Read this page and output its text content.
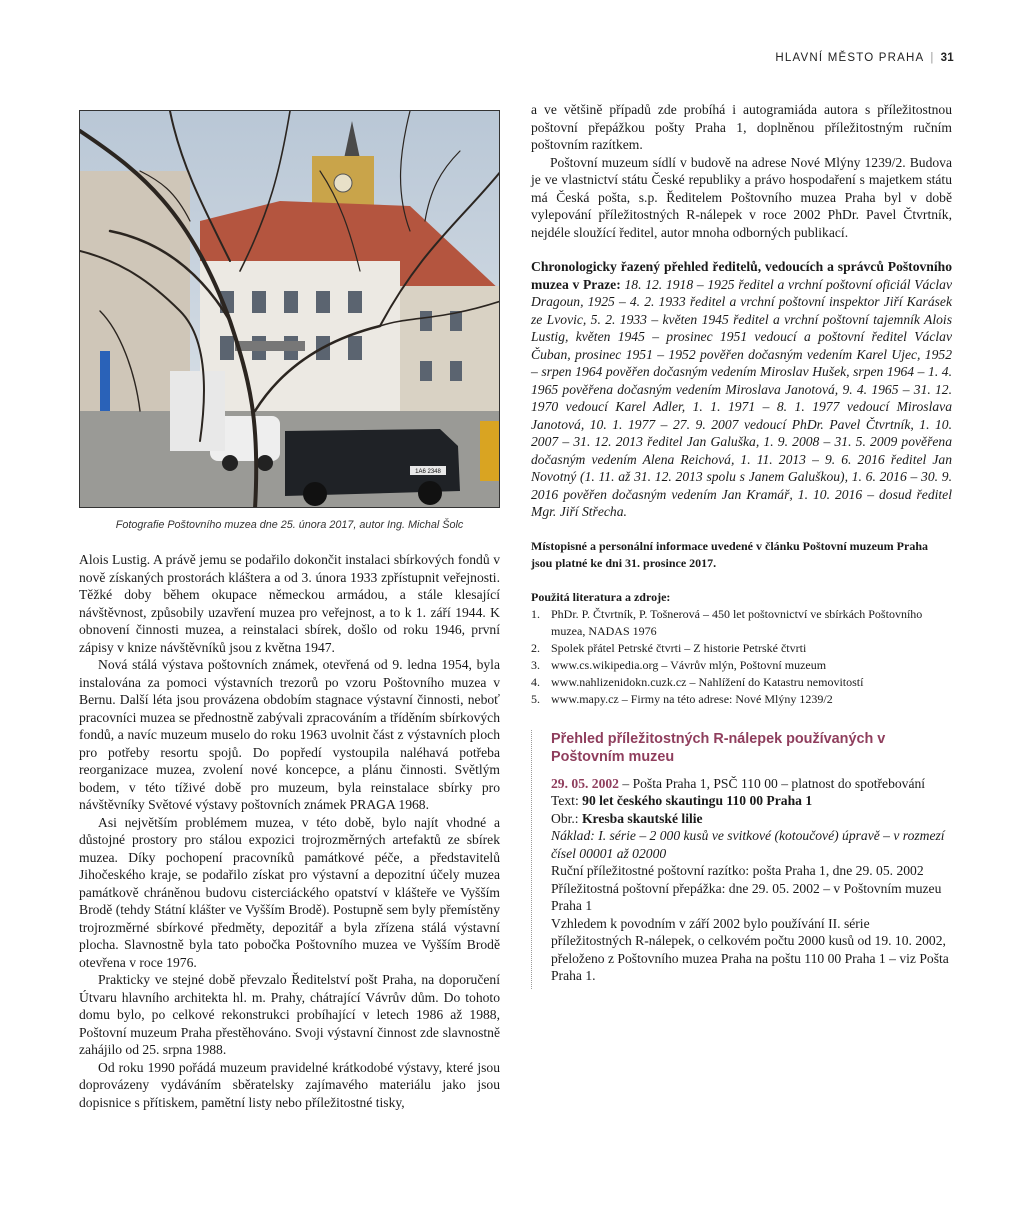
HLAVNÍ MĚSTO PRAHA | 31
1A6 2348
Fotografie Poštovního muzea dne 25. února 2017, autor Ing. Michal Šolc

Alois Lustig. A právě jemu se podařilo dokončit instalaci sbírkových fondů v nově získaných prostorách kláštera a od 3. února 1933 zpřístupnit veřejnosti. Těžké doby během okupace německou armádou, a stále klesající návštěvnost, způsobily uzavření muzea pro veřejnost, a to k 1. září 1944. K obnovení činnosti muzea, a reinstalaci sbírek, došlo od roku 1946, první zápisy v knize návštěvníků jsou z května 1947.

Nová stálá výstava poštovních známek, otevřená od 9. ledna 1954, byla instalována za pomoci výstavních trezorů po vzoru Poštovního muzea v Bernu. Další léta jsou provázena obdobím stagnace výstavní činnosti, neboť pracovníci muzea se přednostně zabývali zpracováním a tříděním sbírkových fondů, a navíc muzeum muselo do roku 1963 uvolnit část z výstavních ploch pro potřeby resortu spojů. Do popředí vystoupila naléhavá potřeba reorganizace muzea, zvolení nové koncepce, a plánu činnosti. Světlým bodem, v této tíživé době pro muzeum, byla reinstalace sbírky pro návštěvníky Světové výstavy poštovních známek PRAGA 1968.

Asi největším problémem muzea, v této době, bylo najít vhodné a důstojné prostory pro stálou expozici trojrozměrných artefaktů ze sbírek muzea. Díky pochopení pracovníků památkové péče, a představitelů Jihočeského kraje, se podařilo získat pro výstavní a depozitní účely muzea památkově chráněnou budovu cisterciáckého opatství v klášteře ve Vyšším Brodě (tehdy Státní klášter ve Vyšším Brodě). Postupně sem byly přemístěny trojrozměrné sbírkové předměty, depozitář a byla zřízena stálá výstavní plocha. Slavnostně byla tato pobočka Poštovního muzea ve Vyšším Brodě otevřena v roce 1976.

Prakticky ve stejné době převzalo Ředitelství pošt Praha, na doporučení Útvaru hlavního architekta hl. m. Prahy, chátrající Vávrův dům. Do tohoto domu bylo, po celkové rekonstrukci probíhající v letech 1986 až 1988, Poštovní muzeum Praha přestěhováno. Svoji výstavní činnost zde slavnostně zahájilo od 25. srpna 1988.

Od roku 1990 pořádá muzeum pravidelné krátkodobé výstavy, které jsou doprovázeny vydáváním sběratelsky zajímavého materiálu jako jsou dopisnice s přítiskem, pamětní listy nebo příležitostné tisky,

a ve většině případů zde probíhá i autogramiáda autora s příležitostnou poštovní přepážkou pošty Praha 1, doplněnou příležitostným ručním poštovním razítkem.

Poštovní muzeum sídlí v budově na adrese Nové Mlýny 1239/2. Budova je ve vlastnictví státu České republiky a právo hospodaření s majetkem státu má Česká pošta, s.p. Ředitelem Poštovního muzea Praha byl v době vylepování příležitostných R-nálepek v roce 2002 PhDr. Pavel Čtvrtník, nejdéle sloužící ředitel, autor mnoha odborných publikací.

Chronologicky řazený přehled ředitelů, vedoucích a správců Poštovního muzea v Praze: 18. 12. 1918 – 1925 ředitel a vrchní poštovní oficiál Václav Dragoun, 1925 – 4. 2. 1933 ředitel a vrchní poštovní inspektor Jiří Karásek ze Lvovic, 5. 2. 1933 – květen 1945 ředitel a vrchní poštovní tajemník Alois Lustig, květen 1945 – prosinec 1951 vedoucí a poštovní ředitel Václav Čuban, prosinec 1951 – 1952 pověřen dočasným vedením Karel Ujec, 1952 – srpen 1964 pověřen dočasným vedením Miroslav Hušek, srpen 1964 – 1. 4. 1965 pověřena dočasným vedením Miroslava Janotová, 9. 4. 1965 – 31. 12. 1970 vedoucí Karel Adler, 1. 1. 1971 – 8. 1. 1977 vedoucí Miroslava Janotová, 10. 1. 1977 – 27. 9. 2007 vedoucí PhDr. Pavel Čtvrtník, 1. 10. 2007 – 31. 12. 2013 ředitel Jan Galuška, 1. 9. 2008 – 31. 5. 2009 pověřena dočasným vedením Alena Reichová, 1. 11. 2013 – 9. 6. 2016 ředitel Jan Novotný (1. 11. až 31. 12. 2013 spolu s Janem Galuškou), 1. 6. 2016 – 30. 9. 2016 pověřen dočasným vedením Jan Kramář, 1. 10. 2016 – dosud ředitel Mgr. Jiří Střecha.

Místopisné a personální informace uvedené v článku Poštovní muzeum Praha jsou platné ke dni 31. prosince 2017.

Použitá literatura a zdroje:

1. PhDr. P. Čtvrtník, P. Tošnerová – 450 let poštovnictví ve sbírkách Poštovního muzea, NADAS 1976
2. Spolek přátel Petrské čtvrti – Z historie Petrské čtvrti
3. www.cs.wikipedia.org – Vávrův mlýn, Poštovní muzeum
4. www.nahlizenidokn.cuzk.cz – Nahlížení do Katastru nemovitostí
5. www.mapy.cz – Firmy na této adrese: Nové Mlýny 1239/2
Přehled příležitostných R-nálepek používaných v Poštovním muzeu

29. 05. 2002 – Pošta Praha 1, PSČ 110 00 – platnost do spotřebování

Text: 90 let českého skautingu 110 00 Praha 1

Obr.: Kresba skautské lilie

Náklad: I. série – 2 000 kusů ve svitkové (kotoučové) úpravě – v rozmezí čísel 00001 až 02000

Ruční příležitostné poštovní razítko: pošta Praha 1, dne 29. 05. 2002

Příležitostná poštovní přepážka: dne 29. 05. 2002 – v Poštovním muzeu Praha 1

Vzhledem k povodním v září 2002 bylo používání II. série příležitostných R-nálepek, o celkovém počtu 2000 kusů od 19. 10. 2002, přeloženo z Poštovního muzea Praha na poštu 110 00 Praha 1 – viz Pošta Praha 1.
